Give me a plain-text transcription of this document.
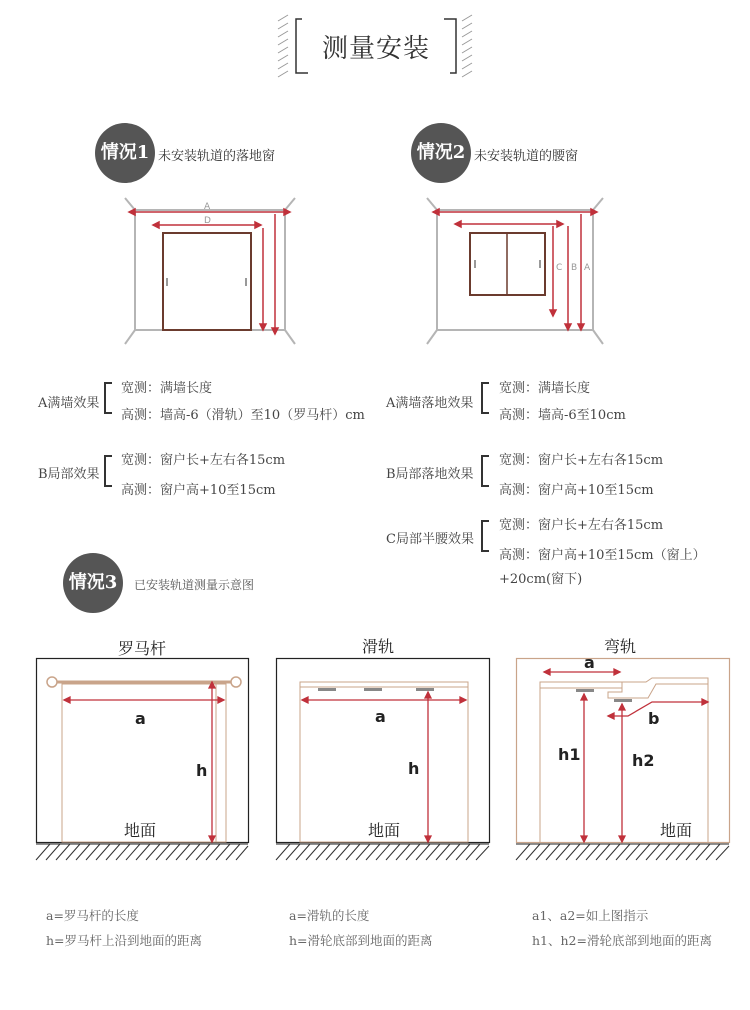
测量安装
情况1 未安装轨道的落地窗	情况2 未安装轨道的腰窗
A
D
C B A
A满墙效果
宽测：满墙长度
高测：墙高-6（滑轨）至10（罗马杆）cm
B局部效果
宽测：窗户长+左右各15cm
高测：窗户高+10至15cm
A满墙落地效果
宽测：满墙长度
高测：墙高-6至10cm
B局部落地效果
宽测：窗户长+左右各15cm
高测：窗户高+10至15cm
C局部半腰效果
宽测：窗户长+左右各15cm
高测：窗户高+10至15cm（窗上）
+20cm(窗下)
情况3	已安装轨道测量示意图
罗马杆	滑轨	弯轨
a
h
地面
a
h
地面
a
b
h1	h2
地面
a=罗马杆的长度
h=罗马杆上沿到地面的距离
a=滑轨的长度
h=滑轮底部到地面的距离
a1、a2=如上图指示
h1、h2=滑轮底部到地面的距离
